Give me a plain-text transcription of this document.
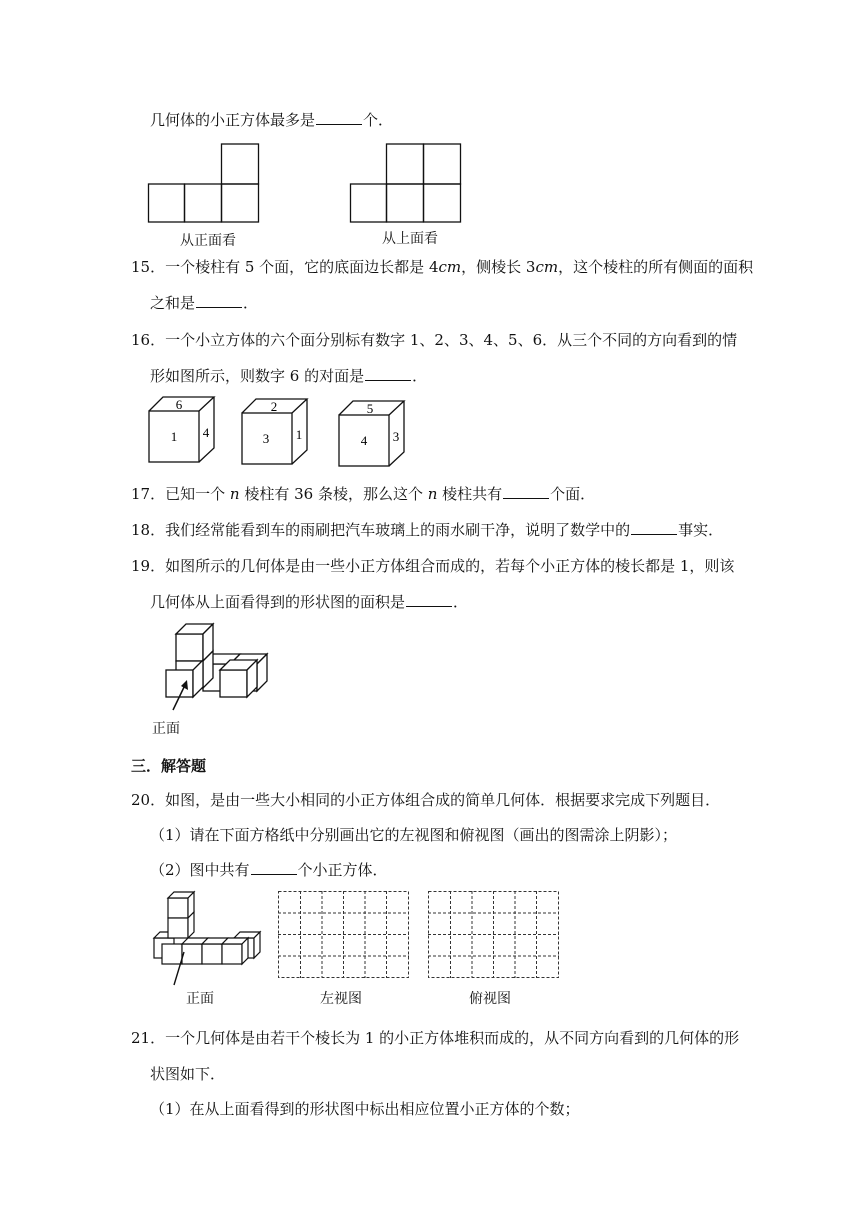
几何体的小正方体最多是	个．
从正面看	从上面看
15．一个棱柱有 5 个面，它的底面边长都是 4cm，侧棱长 3cm，这个棱柱的所有侧面的面积
之和是	．
16．一个小立方体的六个面分别标有数字 1、2、3、4、5、6．从三个不同的方向看到的情
形如图所示，则数字 6 的对面是	．
6
1 4
2
3 1
5
4 3
17．已知一个 n 棱柱有 36 条棱，那么这个 n 棱柱共有	个面．
18．我们经常能看到车的雨刷把汽车玻璃上的雨水刷干净，说明了数学中的	事实．
19．如图所示的几何体是由一些小正方体组合而成的，若每个小正方体的棱长都是 1，则该
几何体从上面看得到的形状图的面积是	．
正面
三．解答题
20．如图，是由一些大小相同的小正方体组合成的简单几何体．根据要求完成下列题目．
（1）请在下面方格纸中分别画出它的左视图和俯视图（画出的图需涂上阴影）；
（2）图中共有	个小正方体．
正面	左视图	俯视图
21．一个几何体是由若干个棱长为 1 的小正方体堆积而成的，从不同方向看到的几何体的形
状图如下．
（1）在从上面看得到的形状图中标出相应位置小正方体的个数；
